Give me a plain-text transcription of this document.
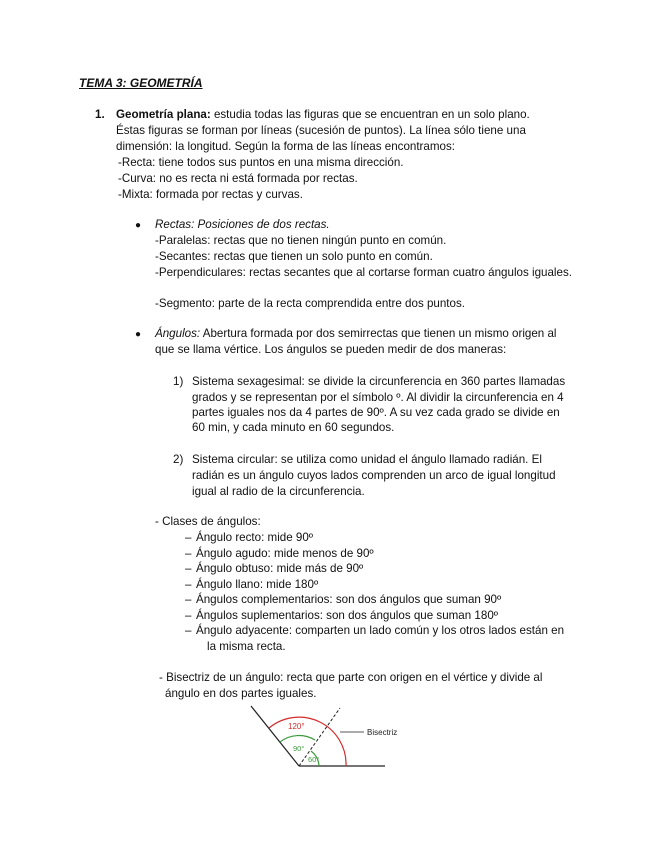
TEMA 3: GEOMETRÍA
1. Geometría plana: estudia todas las figuras que se encuentran en un solo plano.
Éstas figuras se forman por líneas (sucesión de puntos). La línea sólo tiene una
dimensión: la longitud. Según la forma de las líneas encontramos:
-Recta: tiene todos sus puntos en una misma dirección.
-Curva: no es recta ni está formada por rectas.
-Mixta: formada por rectas y curvas.
● Rectas: Posiciones de dos rectas.
-Paralelas: rectas que no tienen ningún punto en común.
-Secantes: rectas que tienen un solo punto en común.
-Perpendiculares: rectas secantes que al cortarse forman cuatro ángulos iguales.
-Segmento: parte de la recta comprendida entre dos puntos.
● Ángulos: Abertura formada por dos semirrectas que tienen un mismo origen al
que se llama vértice. Los ángulos se pueden medir de dos maneras:
1) Sistema sexagesimal: se divide la circunferencia en 360 partes llamadas
grados y se representan por el símbolo º. Al dividir la circunferencia en 4
partes iguales nos da 4 partes de 90º. A su vez cada grado se divide en
60 min, y cada minuto en 60 segundos.
2) Sistema circular: se utiliza como unidad el ángulo llamado radián. El
radián es un ángulo cuyos lados comprenden un arco de igual longitud
igual al radio de la circunferencia.
- Clases de ángulos:
– Ángulo recto: mide 90º
– Ángulo agudo: mide menos de 90º
– Ángulo obtuso: mide más de 90º
– Ángulo llano: mide 180º
– Ángulos complementarios: son dos ángulos que suman 90º
– Ángulos suplementarios: son dos ángulos que suman 180º
– Ángulo adyacente: comparten un lado común y los otros lados están en
la misma recta.
- Bisectriz de un ángulo: recta que parte con origen en el vértice y divide al
ángulo en dos partes iguales.
120°
90°
60°
Bisectriz
